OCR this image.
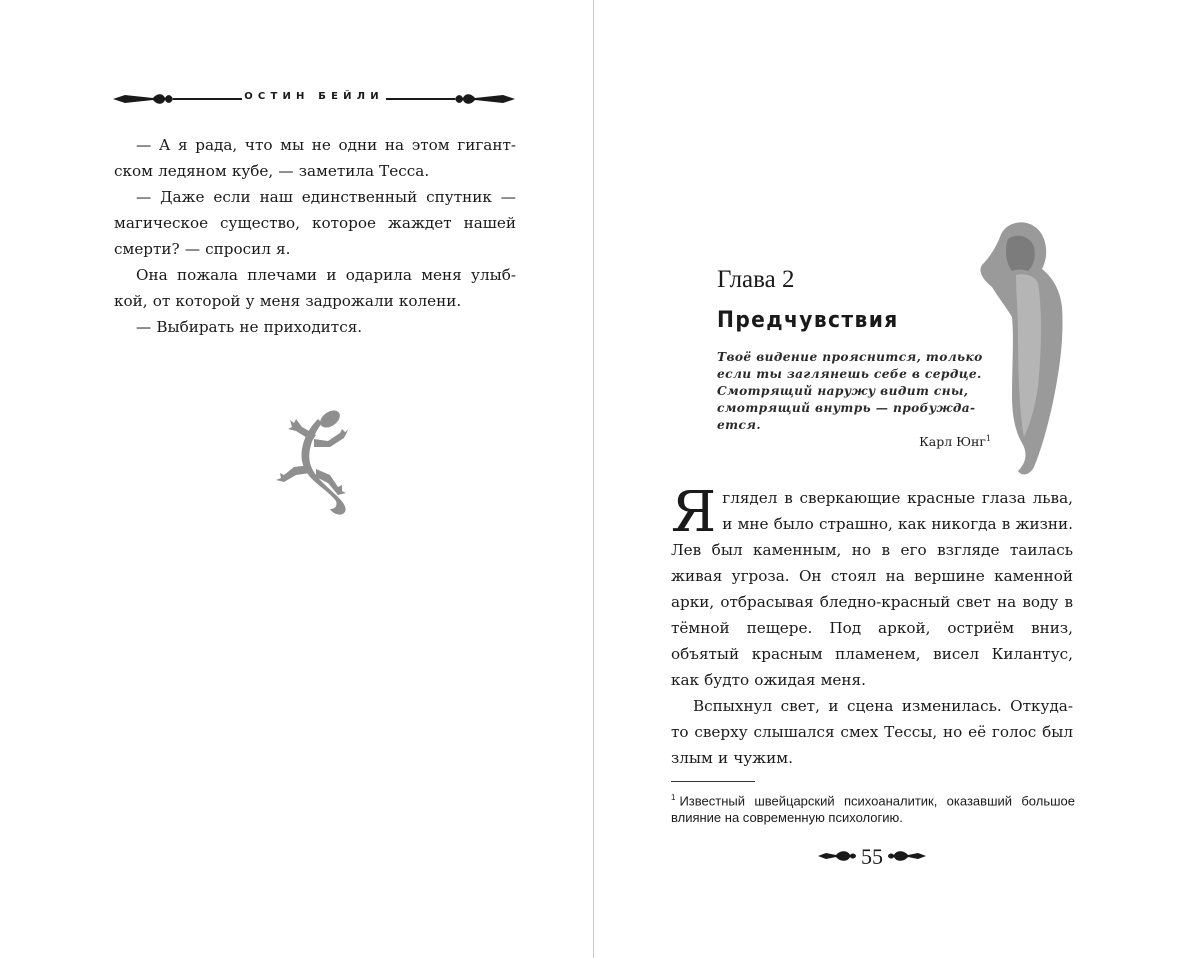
ОСТИН БЕЙЛИ

— А я рада, что мы не одни на этом гигантском ледяном кубе, — заметила Тесса.

— Даже если наш единственный спутник — магическое существо, которое жаждет нашей смерти? — спросил я.

Она пожала плечами и одарила меня улыбкой, от которой у меня задрожали колени.

— Выбирать не приходится.

Глава 2
Предчувствия
Твоё видение прояснится, только если ты заглянешь себе в сердце. Смотрящий наружу видит сны, смотрящий внутрь — пробуждается.
Карл Юнг$^1$

Яглядел в сверкающие красные глаза льва, и мне было страшно, как никогда в жизни. Лев был каменным, но в его взгляде таилась живая угроза. Он стоял на вершине каменной арки, отбрасывая бледно-красный свет на воду в тёмной пещере. Под аркой, остриём вниз, объятый красным пламенем, висел Килантус, как будто ожидая меня.

Вспыхнул свет, и сцена изменилась. Откуда-то сверху слышался смех Тессы, но её голос был злым и чужим.

$^1$ Известный швейцарский психоаналитик, оказавший большое влияние на современную психологию.
55
